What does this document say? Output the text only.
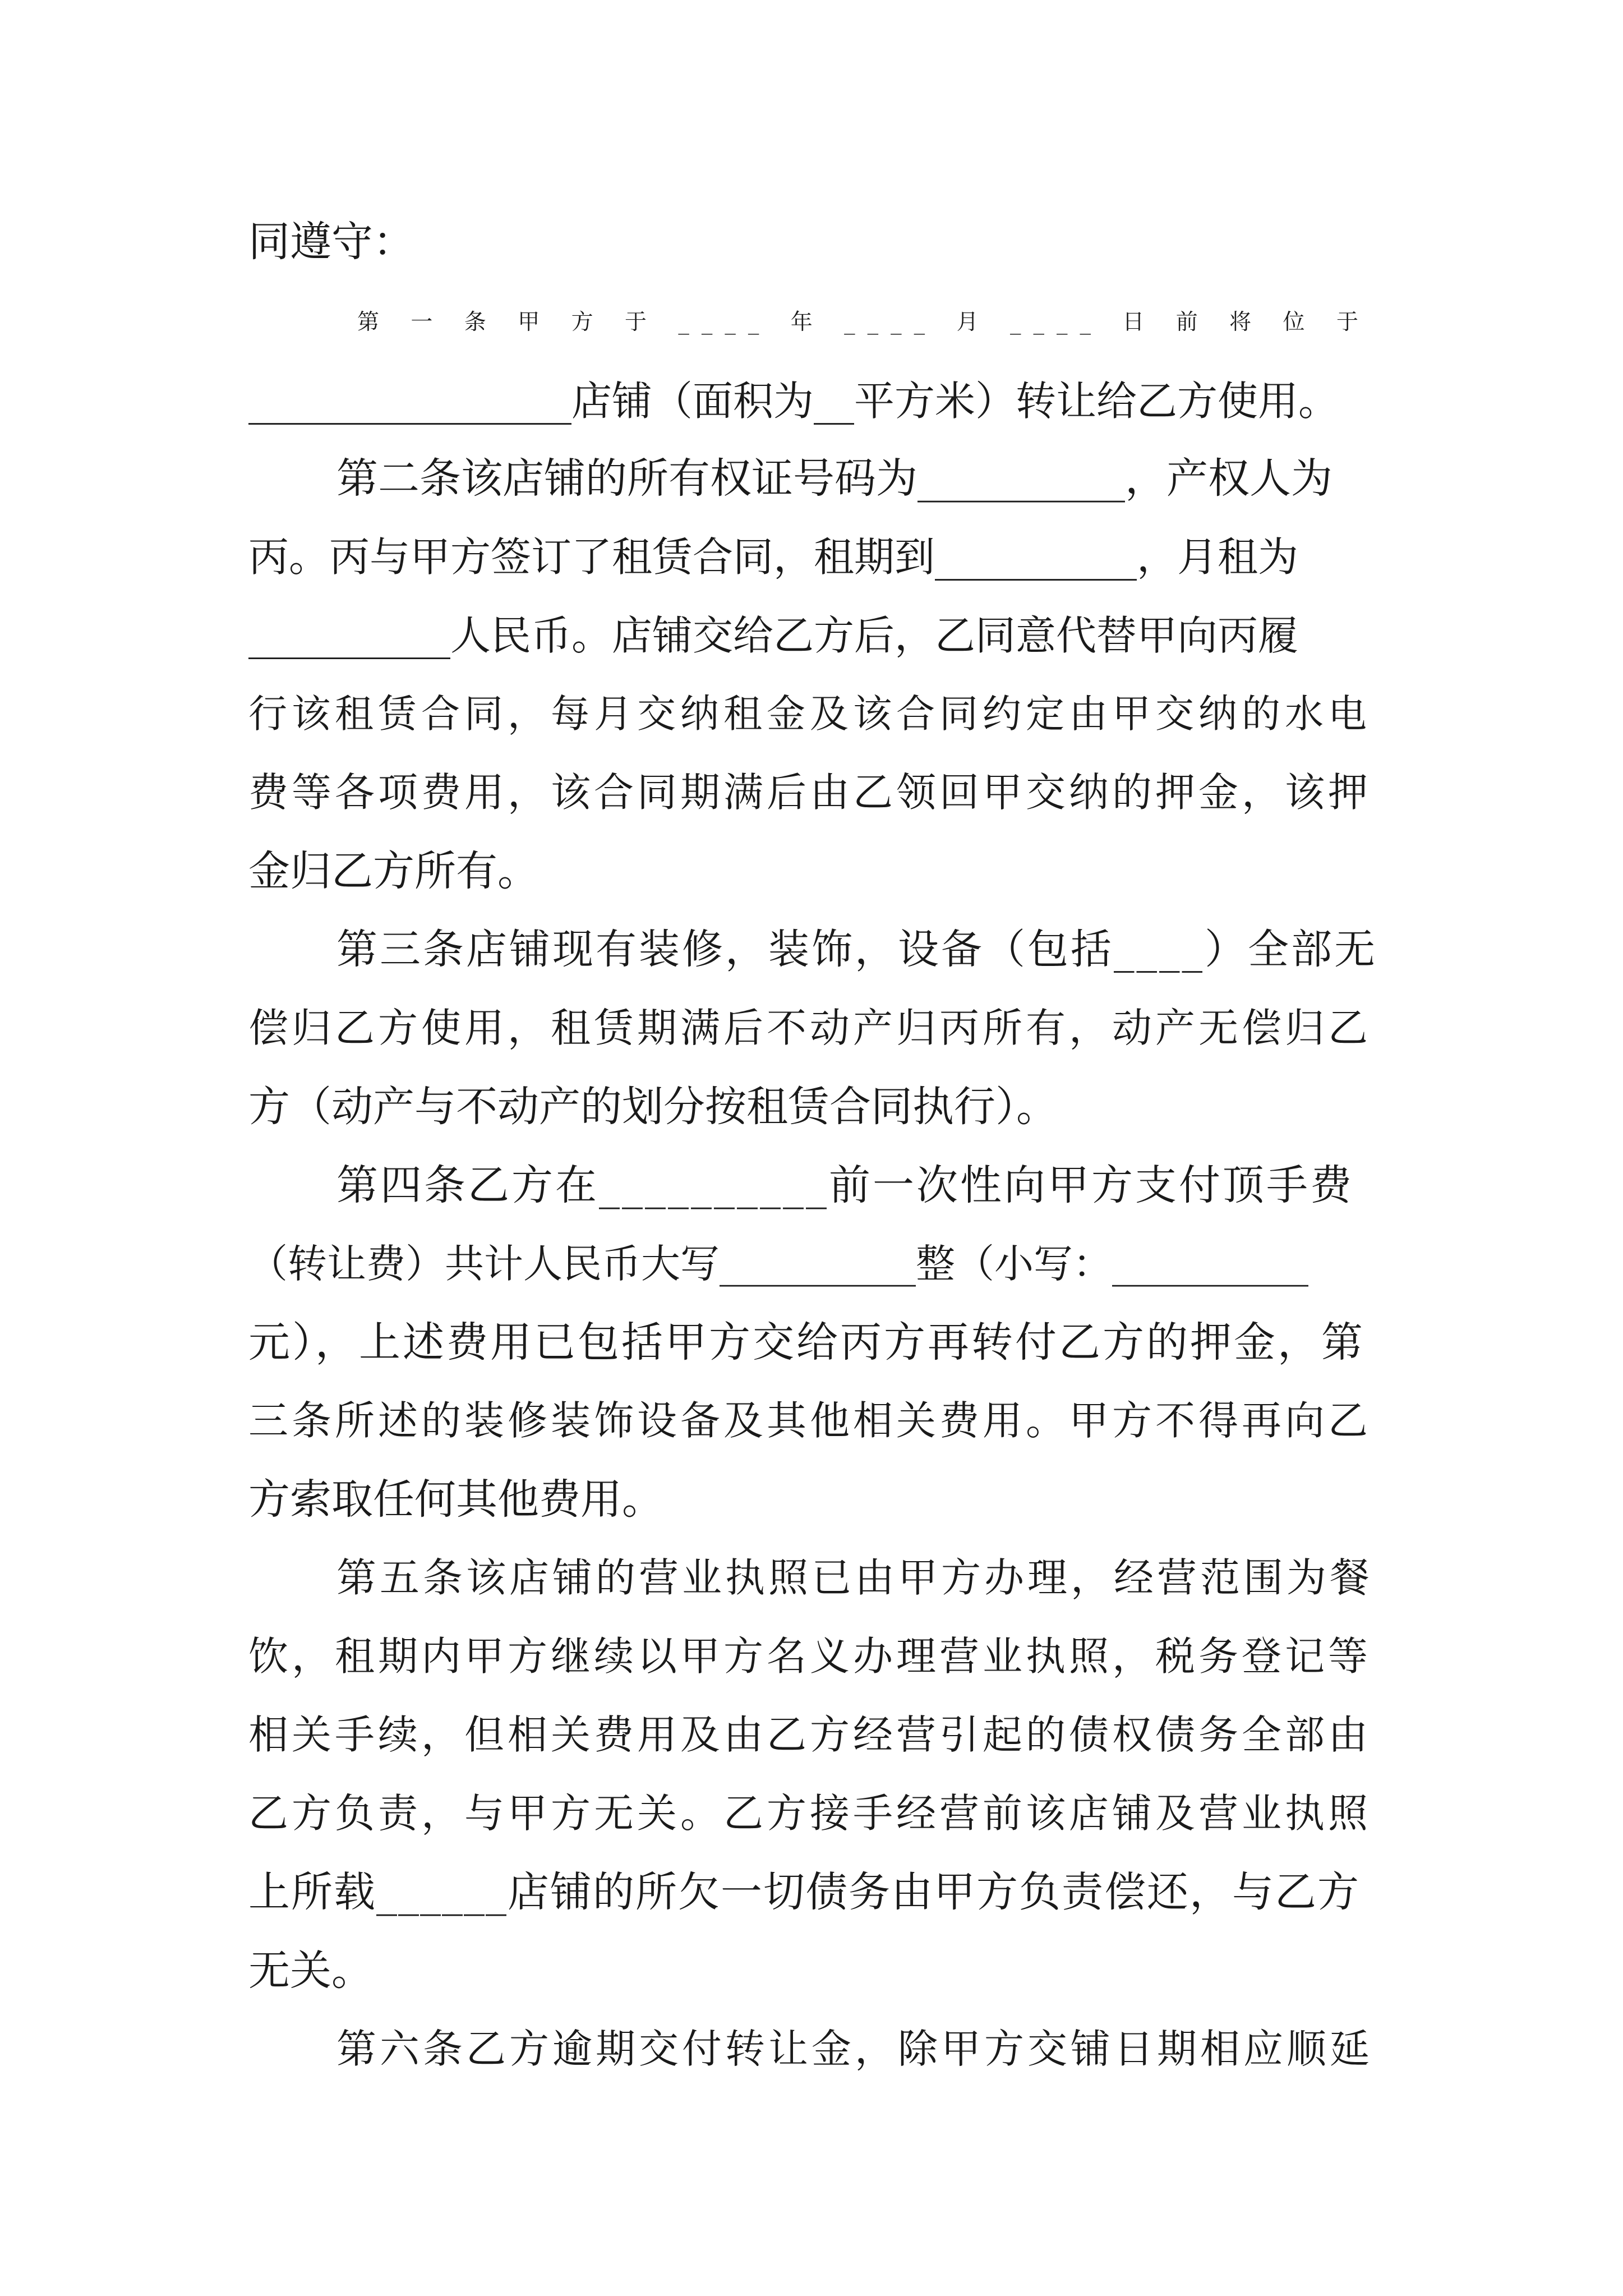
同遵守：
第 一 条 甲 方 于 ____ 年 ____ 月 ____ 日 前 将 位 于
________________店铺（面积为__平方米）转让给乙方使用。
第二条该店铺的所有权证号码为__________，产权人为
丙。丙与甲方签订了租赁合同，租期到__________，月租为
__________人民币。店铺交给乙方后，乙同意代替甲向丙履
行该租赁合同，每月交纳租金及该合同约定由甲交纳的水电
费等各项费用，该合同期满后由乙领回甲交纳的押金，该押
金归乙方所有。
第三条店铺现有装修，装饰，设备（包括____）全部无
偿归乙方使用，租赁期满后不动产归丙所有，动产无偿归乙
方（动产与不动产的划分按租赁合同执行）。
第四条乙方在__________前一次性向甲方支付顶手费
（转让费）共计人民币大写__________整（小写：__________
元），上述费用已包括甲方交给丙方再转付乙方的押金，第
三条所述的装修装饰设备及其他相关费用。甲方不得再向乙
方索取任何其他费用。
第五条该店铺的营业执照已由甲方办理，经营范围为餐
饮，租期内甲方继续以甲方名义办理营业执照，税务登记等
相关手续，但相关费用及由乙方经营引起的债权债务全部由
乙方负责，与甲方无关。乙方接手经营前该店铺及营业执照
上所载______店铺的所欠一切债务由甲方负责偿还，与乙方
无关。
第六条乙方逾期交付转让金，除甲方交铺日期相应顺延
